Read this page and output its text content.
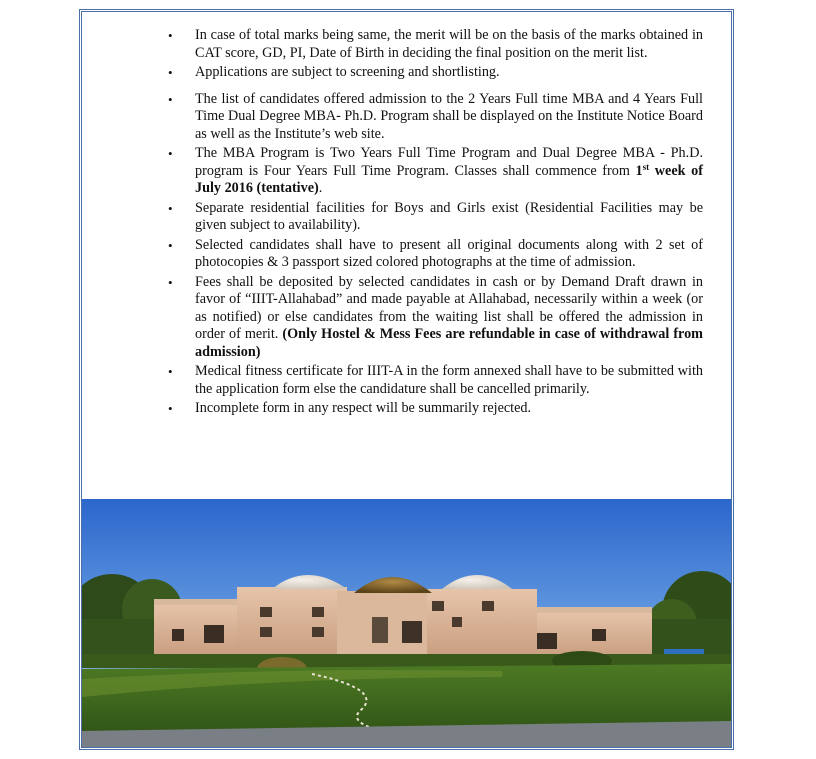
• In case of total marks being same, the merit will be on the basis of the marks obtained in CAT score, GD, PI, Date of Birth in deciding the final position on the merit list.
• Applications are subject to screening and shortlisting.
• The list of candidates offered admission to the 2 Years Full time MBA and 4 Years Full Time Dual Degree MBA- Ph.D. Program shall be displayed on the Institute Notice Board as well as the Institute’s web site.
• The MBA Program is Two Years Full Time Program and Dual Degree MBA - Ph.D. program is Four Years Full Time Program. Classes shall commence from 1st week of July 2016 (tentative).
• Separate residential facilities for Boys and Girls exist (Residential Facilities may be given subject to availability).
• Selected candidates shall have to present all original documents along with 2 set of photocopies & 3 passport sized colored photographs at the time of admission.
• Fees shall be deposited by selected candidates in cash or by Demand Draft drawn in favor of “IIIT-Allahabad” and made payable at Allahabad, necessarily within a week (or as notified) or else candidates from the waiting list shall be offered the admission in order of merit. (Only Hostel & Mess Fees are refundable in case of withdrawal from admission)
• Medical fitness certificate for IIIT-A in the form annexed shall have to be submitted with the application form else the candidature shall be cancelled primarily.
• Incomplete form in any respect will be summarily rejected.
